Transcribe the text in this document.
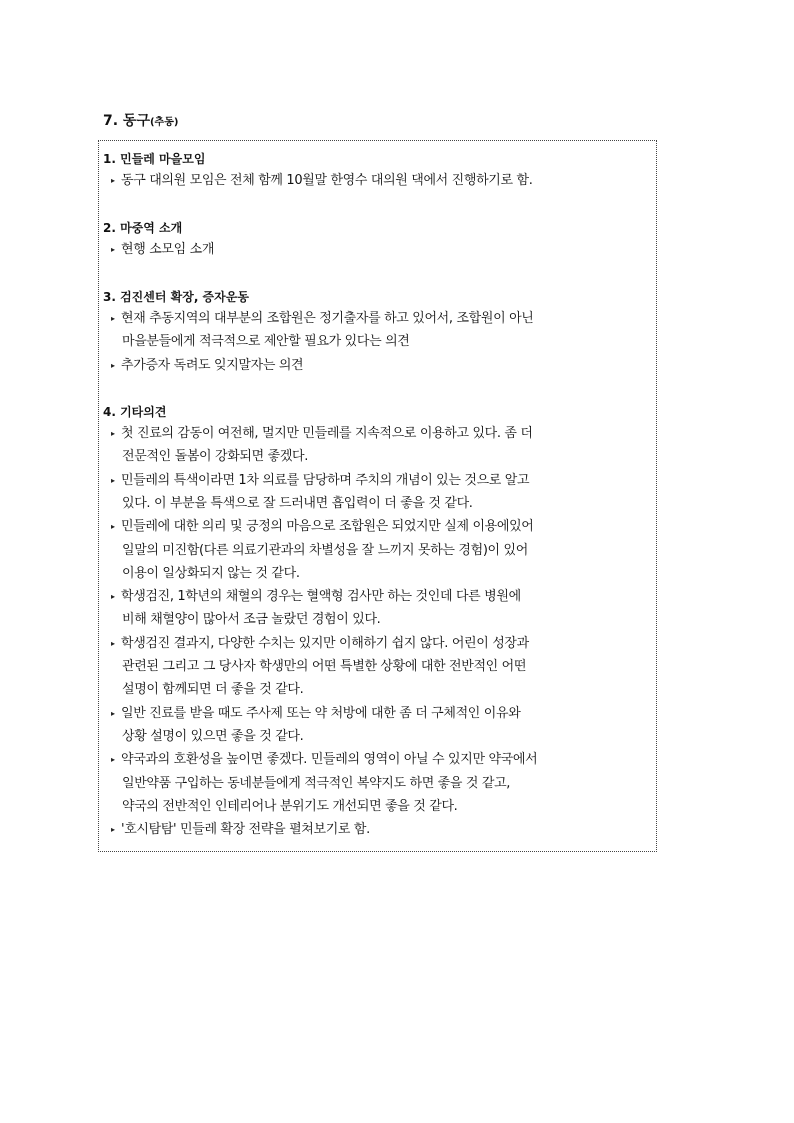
7. 동구(추동)
1. 민들레 마을모임
▸ 동구 대의원 모임은 전체 함께 10월말 한영수 대의원 댁에서 진행하기로 함.
2. 마중역 소개
▸ 현행 소모임 소개
3. 검진센터 확장, 증자운동
▸ 현재 추동지역의 대부분의 조합원은 정기출자를 하고 있어서, 조합원이 아닌
마을분들에게 적극적으로 제안할 필요가 있다는 의견
▸ 추가증자 독려도 잊지말자는 의견
4. 기타의견
▸ 첫 진료의 감동이 여전해, 멀지만 민들레를 지속적으로 이용하고 있다. 좀 더
전문적인 돌봄이 강화되면 좋겠다.
▸ 민들레의 특색이라면 1차 의료를 담당하며 주치의 개념이 있는 것으로 알고
있다. 이 부분을 특색으로 잘 드러내면 흡입력이 더 좋을 것 같다.
▸ 민들레에 대한 의리 및 긍정의 마음으로 조합원은 되었지만 실제 이용에있어
일말의 미진함(다른 의료기관과의 차별성을 잘 느끼지 못하는 경험)이 있어
이용이 일상화되지 않는 것 같다.
▸ 학생검진, 1학년의 채혈의 경우는 혈액형 검사만 하는 것인데 다른 병원에
비해 채혈양이 많아서 조금 놀랐던 경험이 있다.
▸ 학생검진 결과지, 다양한 수치는 있지만 이해하기 쉽지 않다. 어린이 성장과
관련된 그리고 그 당사자 학생만의 어떤 특별한 상황에 대한 전반적인 어떤
설명이 함께되면 더 좋을 것 같다.
▸ 일반 진료를 받을 때도 주사제 또는 약 처방에 대한 좀 더 구체적인 이유와
상황 설명이 있으면 좋을 것 같다.
▸ 약국과의 호환성을 높이면 좋겠다. 민들레의 영역이 아닐 수 있지만 약국에서
일반약품 구입하는 동네분들에게 적극적인 복약지도 하면 좋을 것 같고,
약국의 전반적인 인테리어나 분위기도 개선되면 좋을 것 같다.
▸ '호시탐탐' 민들레 확장 전략을 펼쳐보기로 함.
